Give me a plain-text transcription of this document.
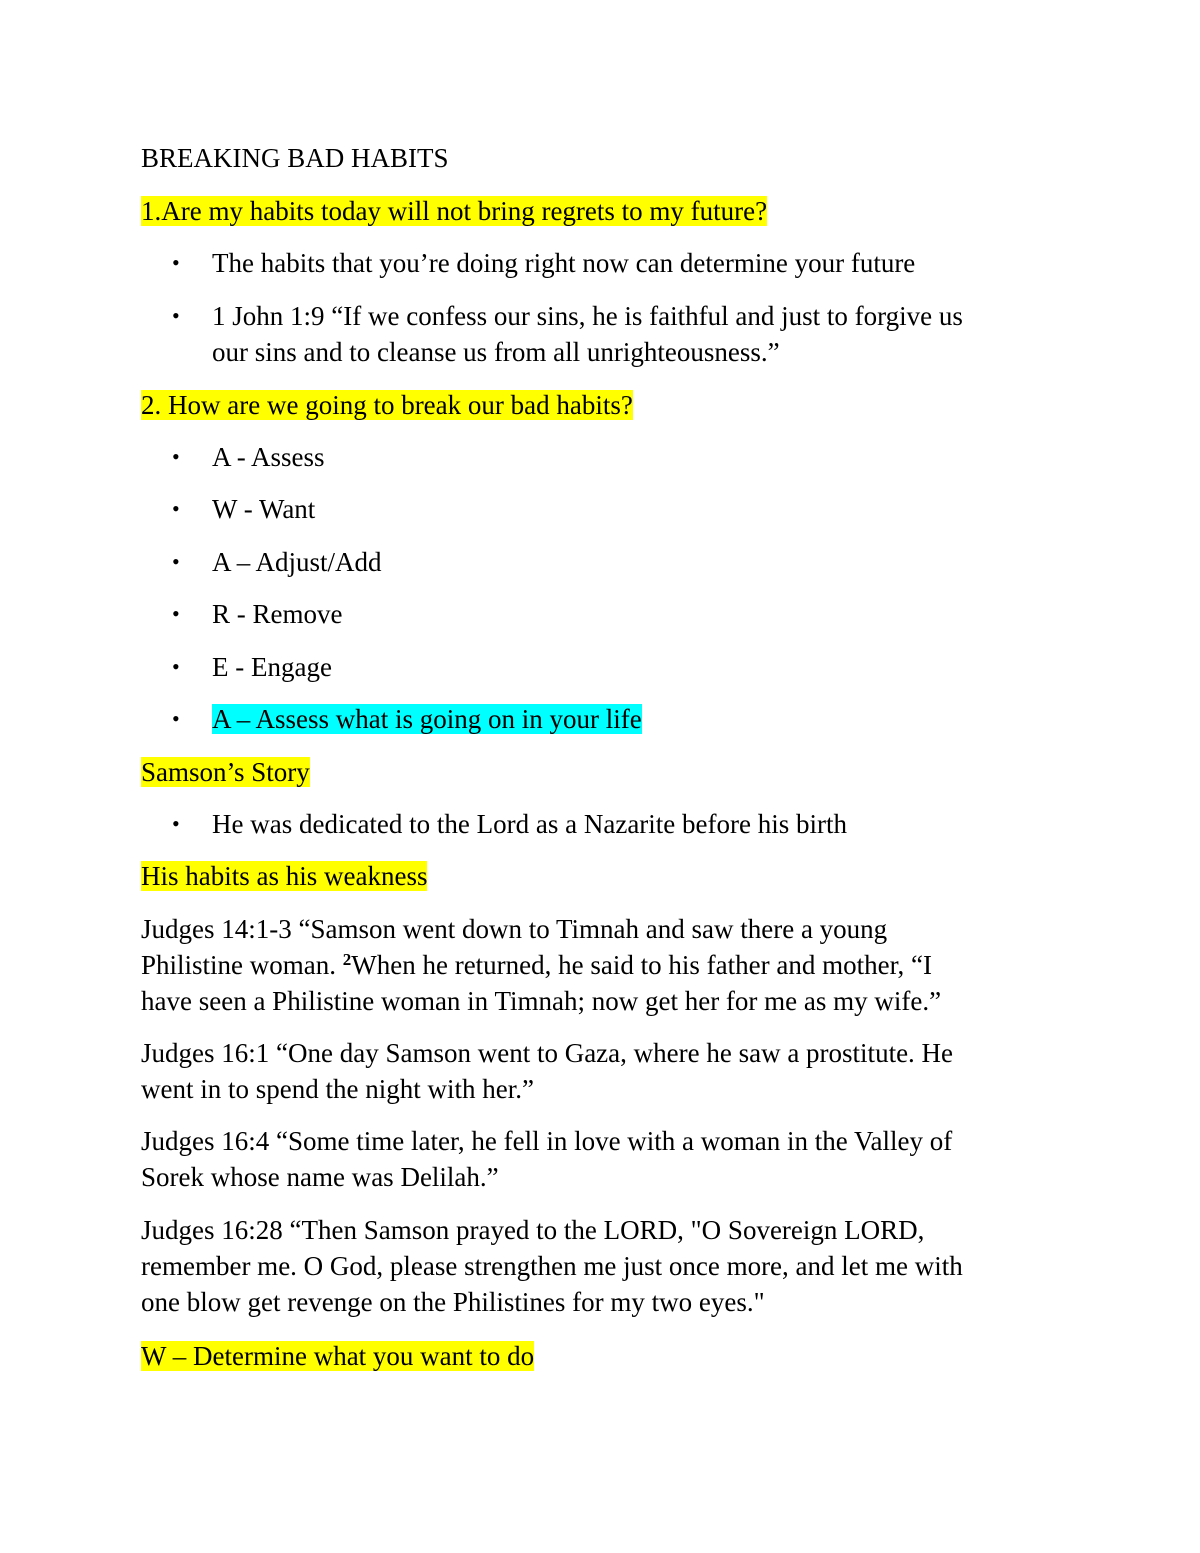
BREAKING BAD HABITS

1.Are my habits today will not bring regrets to my future?

• The habits that you’re doing right now can determine your future

• 1 John 1:9 “If we confess our sins, he is faithful and just to forgive us

our sins and to cleanse us from all unrighteousness.”

2. How are we going to break our bad habits?

• A - Assess

• W - Want

• A – Adjust/Add

• R - Remove

• E - Engage

• A – Assess what is going on in your life

Samson’s Story

• He was dedicated to the Lord as a Nazarite before his birth

His habits as his weakness

Judges 14:1-3 “Samson went down to Timnah and saw there a young

Philistine woman. $^2$When he returned, he said to his father and mother, “I

have seen a Philistine woman in Timnah; now get her for me as my wife.”

Judges 16:1 “One day Samson went to Gaza, where he saw a prostitute. He

went in to spend the night with her.”

Judges 16:4 “Some time later, he fell in love with a woman in the Valley of

Sorek whose name was Delilah.”

Judges 16:28 “Then Samson prayed to the LORD, "O Sovereign LORD,

remember me. O God, please strengthen me just once more, and let me with

one blow get revenge on the Philistines for my two eyes."

W – Determine what you want to do
